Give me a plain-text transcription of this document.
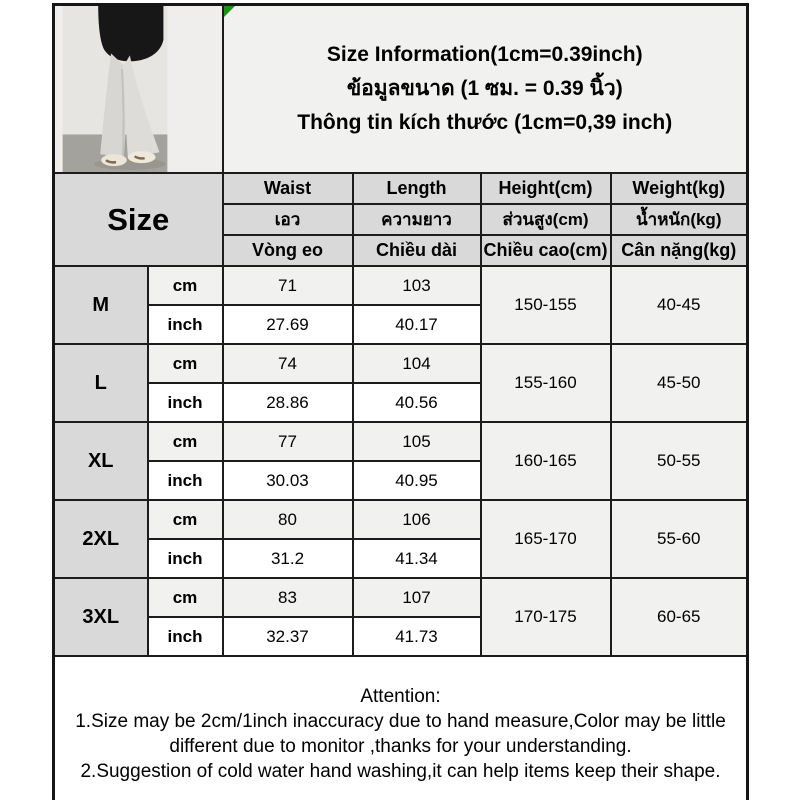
Size Information(1cm=0.39inch)
ข้อมูลขนาด (1 ซม. = 0.39 นิ้ว)
Thông tin kích thước (1cm=0,39 inch)			

Size		Waist	Length	Height(cm)	Weight(kg)
		เอว	ความยาว	ส่วนสูง(cm)	น้ำหนัก(kg)
		Vòng eo	Chiều dài	Chiều cao(cm)	Cân nặng(kg)
M	cm	71	103	150-155	40-45
	inch	27.69	40.17		
L	cm	74	104	155-160	45-50
	inch	28.86	40.56		
XL	cm	77	105	160-165	50-55
	inch	30.03	40.95		
2XL	cm	80	106	165-170	55-60
	inch	31.2	41.34		
3XL	cm	83	107	170-175	60-65
	inch	32.37	41.73		

Attention:
1.Size may be 2cm/1inch inaccuracy due to hand measure,Color may be little different due to monitor ,thanks for your understanding.
2.Suggestion of cold water hand washing,it can help items keep their shape.					
